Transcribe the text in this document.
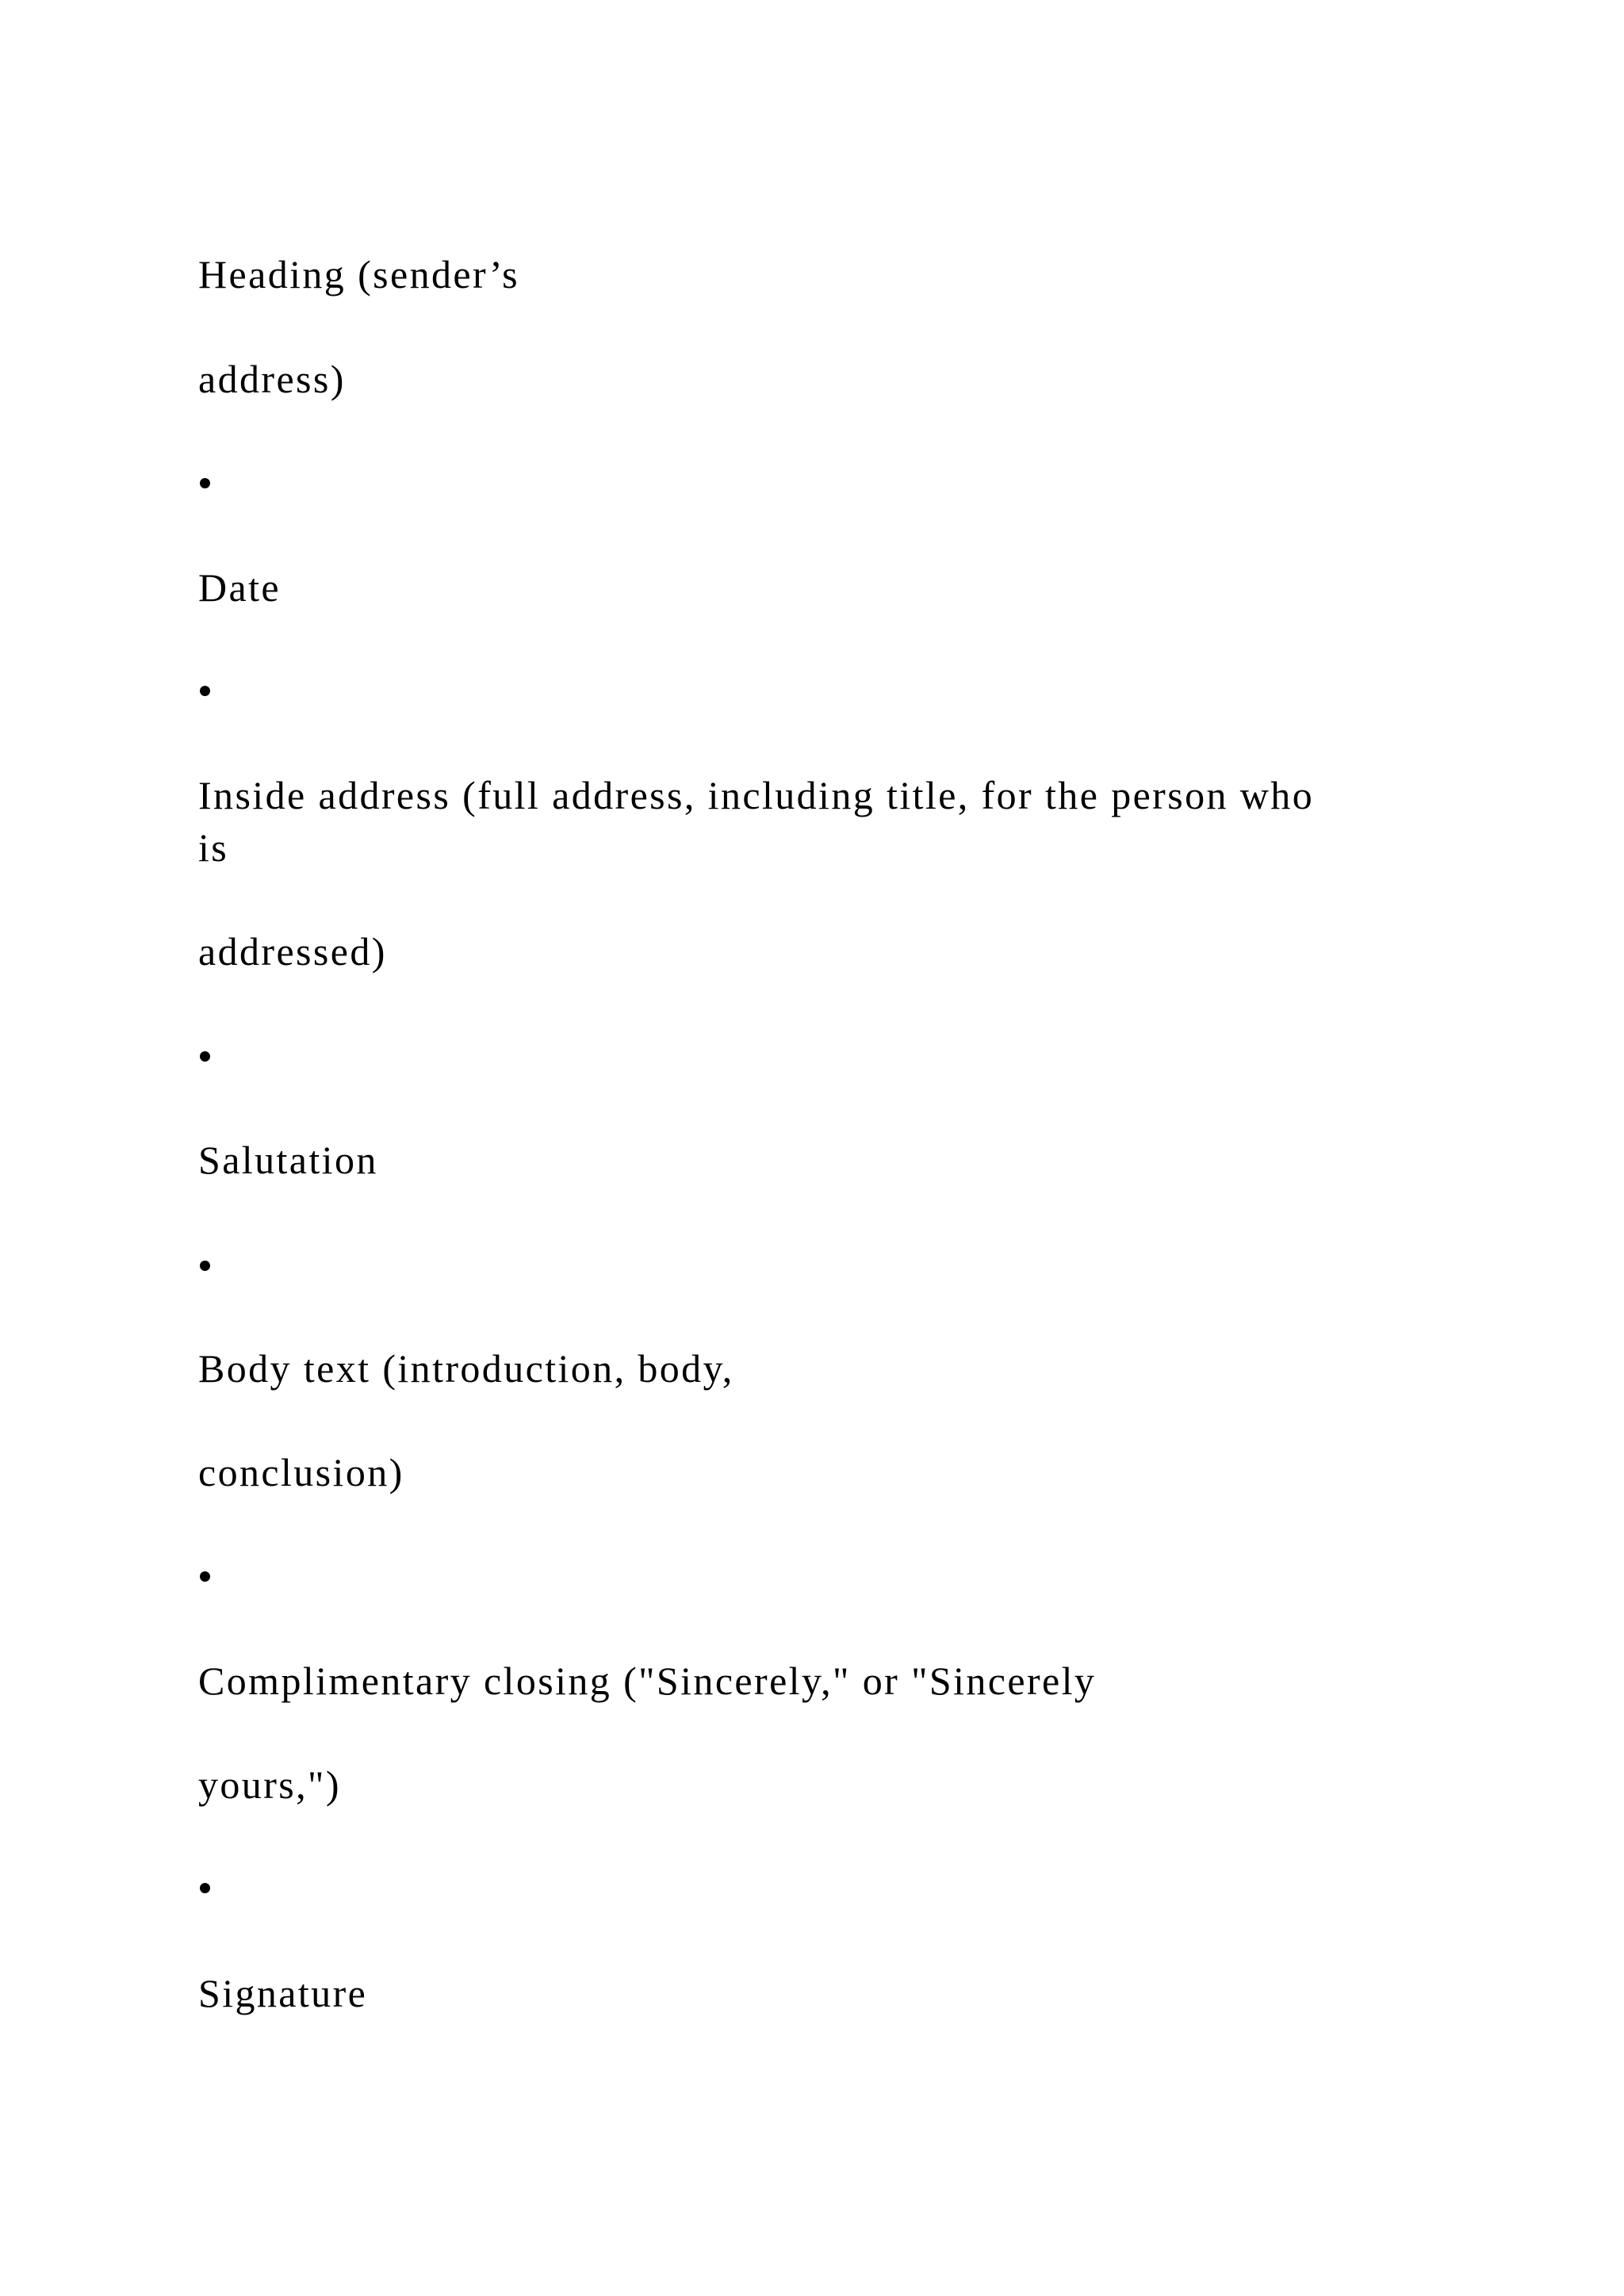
Heading (sender’s
address)
Date
Inside address (full address, including title, for the person who
is
addressed)
Salutation
Body text (introduction, body,
conclusion)
Complimentary closing ("Sincerely," or "Sincerely
yours,")
Signature
